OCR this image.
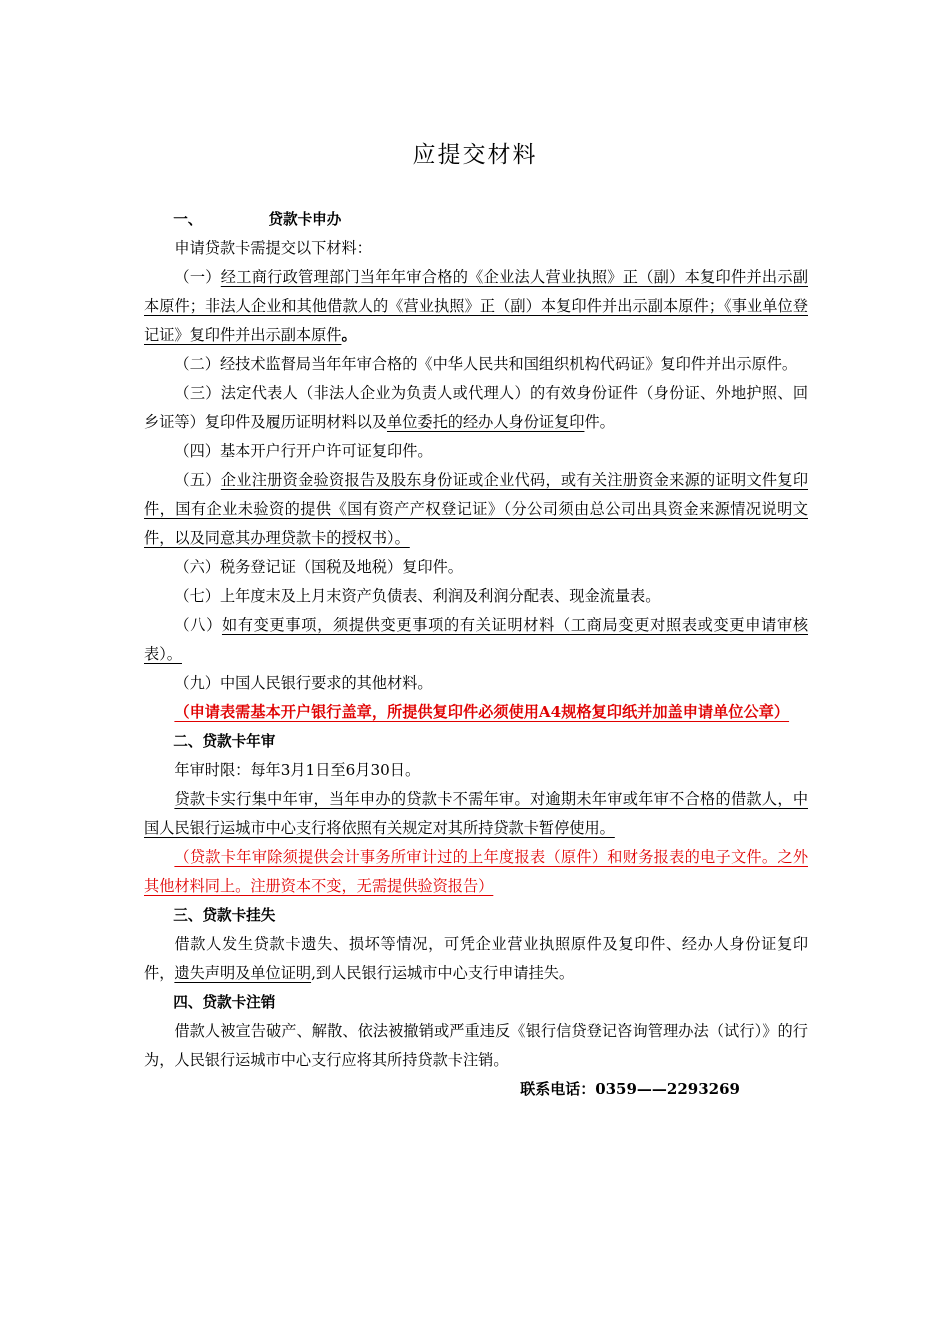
应提交材料

一、	贷款卡申办

申请贷款卡需提交以下材料：

（一）经工商行政管理部门当年年审合格的《企业法人营业执照》正（副）本复印件并出示副本原件；非法人企业和其他借款人的《营业执照》正（副）本复印件并出示副本原件；《事业单位登记证》复印件并出示副本原件。

（二）经技术监督局当年年审合格的《中华人民共和国组织机构代码证》复印件并出示原件。

（三）法定代表人（非法人企业为负责人或代理人）的有效身份证件（身份证、外地护照、回乡证等）复印件及履历证明材料以及单位委托的经办人身份证复印件。

（四）基本开户行开户许可证复印件。

（五）企业注册资金验资报告及股东身份证或企业代码，或有关注册资金来源的证明文件复印件，国有企业未验资的提供《国有资产产权登记证》（分公司须由总公司出具资金来源情况说明文件，以及同意其办理贷款卡的授权书）。

（六）税务登记证（国税及地税）复印件。

（七）上年度末及上月末资产负债表、利润及利润分配表、现金流量表。

（八）如有变更事项，须提供变更事项的有关证明材料（工商局变更对照表或变更申请审核表）。

（九）中国人民银行要求的其他材料。

（申请表需基本开户银行盖章，所提供复印件必须使用A4规格复印纸并加盖申请单位公章）

二、贷款卡年审

年审时限：每年3月1日至6月30日。

贷款卡实行集中年审，当年申办的贷款卡不需年审。对逾期未年审或年审不合格的借款人，中国人民银行运城市中心支行将依照有关规定对其所持贷款卡暂停使用。

（贷款卡年审除须提供会计事务所审计过的上年度报表（原件）和财务报表的电子文件。之外其他材料同上。注册资本不变，无需提供验资报告）

三、贷款卡挂失

借款人发生贷款卡遗失、损坏等情况，可凭企业营业执照原件及复印件、经办人身份证复印件，遗失声明及单位证明,到人民银行运城市中心支行申请挂失。

四、贷款卡注销

借款人被宣告破产、解散、依法被撤销或严重违反《银行信贷登记咨询管理办法（试行）》的行为，人民银行运城市中心支行应将其所持贷款卡注销。

联系电话：0359——2293269
